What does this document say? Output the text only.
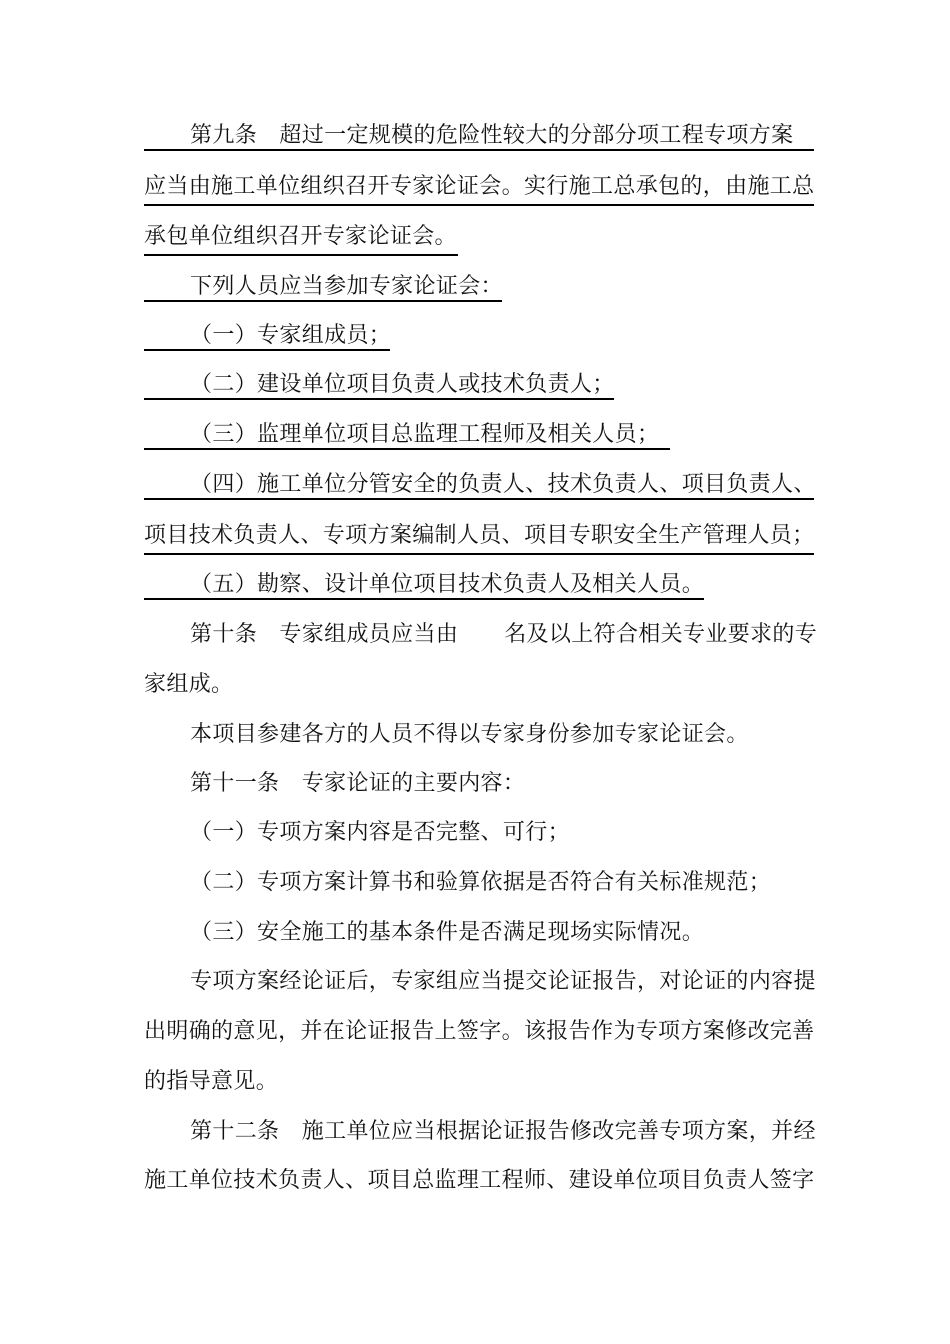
第九条　超过一定规模的危险性较大的分部分项工程专项方案
应当由施工单位组织召开专家论证会。实行施工总承包的，由施工总
承包单位组织召开专家论证会。
下列人员应当参加专家论证会：
（一）专家组成员；
（二）建设单位项目负责人或技术负责人；
（三）监理单位项目总监理工程师及相关人员；
（四）施工单位分管安全的负责人、技术负责人、项目负责人、
项目技术负责人、专项方案编制人员、项目专职安全生产管理人员；
（五）勘察、设计单位项目技术负责人及相关人员。
第十条　专家组成员应当由 名及以上符合相关专业要求的专
家组成。
本项目参建各方的人员不得以专家身份参加专家论证会。
第十一条　专家论证的主要内容：
（一）专项方案内容是否完整、可行；
（二）专项方案计算书和验算依据是否符合有关标准规范；
（三）安全施工的基本条件是否满足现场实际情况。
专项方案经论证后，专家组应当提交论证报告，对论证的内容提
出明确的意见，并在论证报告上签字。该报告作为专项方案修改完善
的指导意见。
第十二条　施工单位应当根据论证报告修改完善专项方案，并经
施工单位技术负责人、项目总监理工程师、建设单位项目负责人签字
